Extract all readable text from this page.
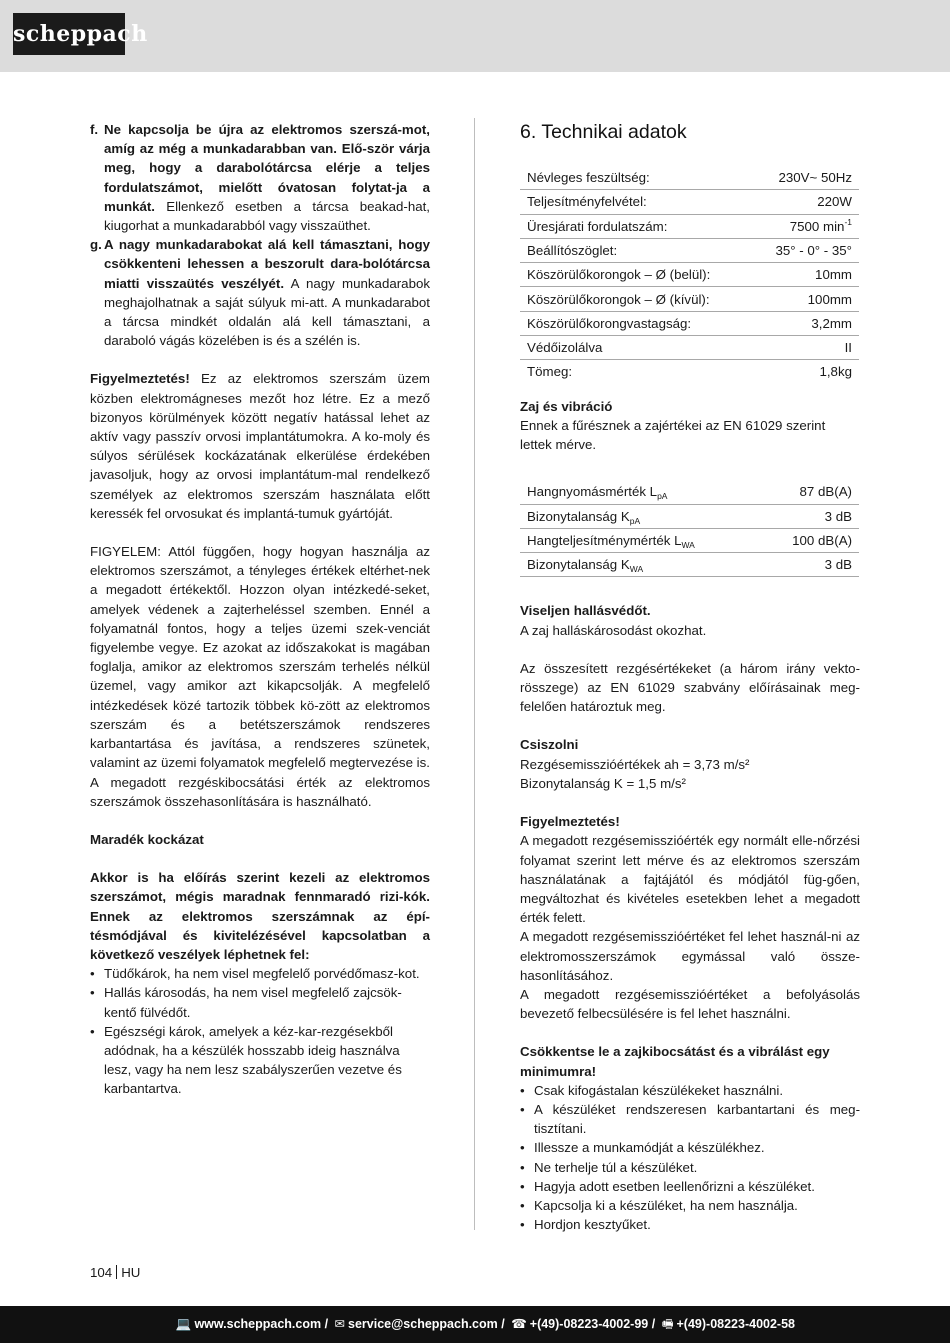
scheppach
f. Ne kapcsolja be újra az elektromos szerszá-mot, amíg az még a munkadarabban van. Elő-ször várja meg, hogy a darabolótárcsa elérje a teljes fordulatszámot, mielőtt óvatosan folytat-ja a munkát. Ellenkező esetben a tárcsa beakad-hat, kiugorhat a munkadarabból vagy visszaüthet.
g. A nagy munkadarabokat alá kell támasztani, hogy csökkenteni lehessen a beszorult dara-bolótárcsa miatti visszaütés veszélyét. A nagy munkadarabok meghajolhatnak a saját súlyuk mi-att. A munkadarabot a tárcsa mindkét oldalán alá kell támasztani, a daraboló vágás közelében is és a szélén is.

Figyelmeztetés! Ez az elektromos szerszám üzem közben elektromágneses mezőt hoz létre. Ez a mező bizonyos körülmények között negatív hatással lehet az aktív vagy passzív orvosi implantátumokra. A ko-moly és súlyos sérülések kockázatának elkerülése érdekében javasoljuk, hogy az orvosi implantátum-mal rendelkező személyek az elektromos szerszám használata előtt keressék fel orvosukat és implantá-tumuk gyártóját.

FIGYELEM: Attól függően, hogy hogyan használja az elektromos szerszámot, a tényleges értékek eltérhet-nek a megadott értékektől. Hozzon olyan intézkedé-seket, amelyek védenek a zajterheléssel szemben. Ennél a folyamatnál fontos, hogy a teljes üzemi szek-venciát figyelembe vegye. Ez azokat az időszakokat is magában foglalja, amikor az elektromos szerszám terhelés nélkül üzemel, vagy amikor azt kikapcsolják. A megfelelő intézkedések közé tartozik többek kö-zött az elektromos szerszám és a betétszerszámok rendszeres karbantartása és javítása, a rendszeres szünetek, valamint az üzemi folyamatok megfelelő megtervezése is.

A megadott rezgéskibocsátási érték az elektromos szerszámok összehasonlítására is használható.

Maradék kockázat

Akkor is ha előírás szerint kezeli az elektromos szerszámot, mégis maradnak fennmaradó rizi-kók. Ennek az elektromos szerszámnak az épí-tésmódjával és kivitelézésével kapcsolatban a következő veszélyek léphetnek fel:

• Tüdőkárok, ha nem visel megfelelő porvédőmasz-kot.
• Hallás károsodás, ha nem visel megfelelő zajcsök-kentő fülvédőt.
• Egészségi károk, amelyek a kéz-kar-rezgésekből adódnak, ha a készülék hosszabb ideig használva lesz, vagy ha nem lesz szabályszerűen vezetve és karbantartva.
6. Technikai adatok
Névleges feszültség:	230V~ 50Hz
Teljesítményfelvétel:	220W
Üresjárati fordulatszám:	7500 $\min^{-1}$
Beállítószöglet:	35° - 0° - 35°
Köszörülőkorongok – Ø (belül):	10mm
Köszörülőkorongok – Ø (kívül):	100mm
Köszörülőkorongvastagság:	3,2mm
Védőizolálva	II
Tömeg:	1,8kg

Zaj és vibráció

Ennek a fűrésznek a zajértékei az EN 61029 szerint lettek mérve.

Hangnyomásmérték $L_{pA}$	87 dB(A)
Bizonytalanság $K_{pA}$	3 dB
Hangteljesítménymérték $L_{WA}$	100 dB(A)
Bizonytalanság $K_{WA}$	3 dB

Viseljen hallásvédőt.

A zaj halláskárosodást okozhat.

Az összesített rezgésértékeket (a három irány vekto-rösszege) az EN 61029 szabvány előírásainak meg-felelően határoztuk meg.

Csiszolni

Rezgésemisszióértékek ah = 3,73 m/s²

Bizonytalanság K = 1,5 m/s²

Figyelmeztetés!

A megadott rezgésemisszióérték egy normált elle-nőrzési folyamat szerint lett mérve és az elektromos szerszám használatának a fajtájától és módjától füg-gően, megváltozhat és kivételes esetekben lehet a megadott érték felett.

A megadott rezgésemisszióértéket fel lehet használ-ni az elektromosszerszámok egymással való össze-hasonlításához.

A megadott rezgésemisszióértéket a befolyásolás bevezető felbecsülésére is fel lehet használni.

Csökkentse le a zajkibocsátást és a vibrálást egy minimumra!

• Csak kifogástalan készülékeket használni.
• A készüléket rendszeresen karbantartani és meg-tisztítani.
• Illessze a munkamódját a készülékhez.
• Ne terhelje túl a készüléket.
• Hagyja adott esetben leellenőrizni a készüléket.
• Kapcsolja ki a készüléket, ha nem használja.
• Hordjon kesztyűket.
104 HU
💻 www.scheppach.com / ✉ service@scheppach.com / ☎ +(49)-08223-4002-99 / 🖷 +(49)-08223-4002-58
